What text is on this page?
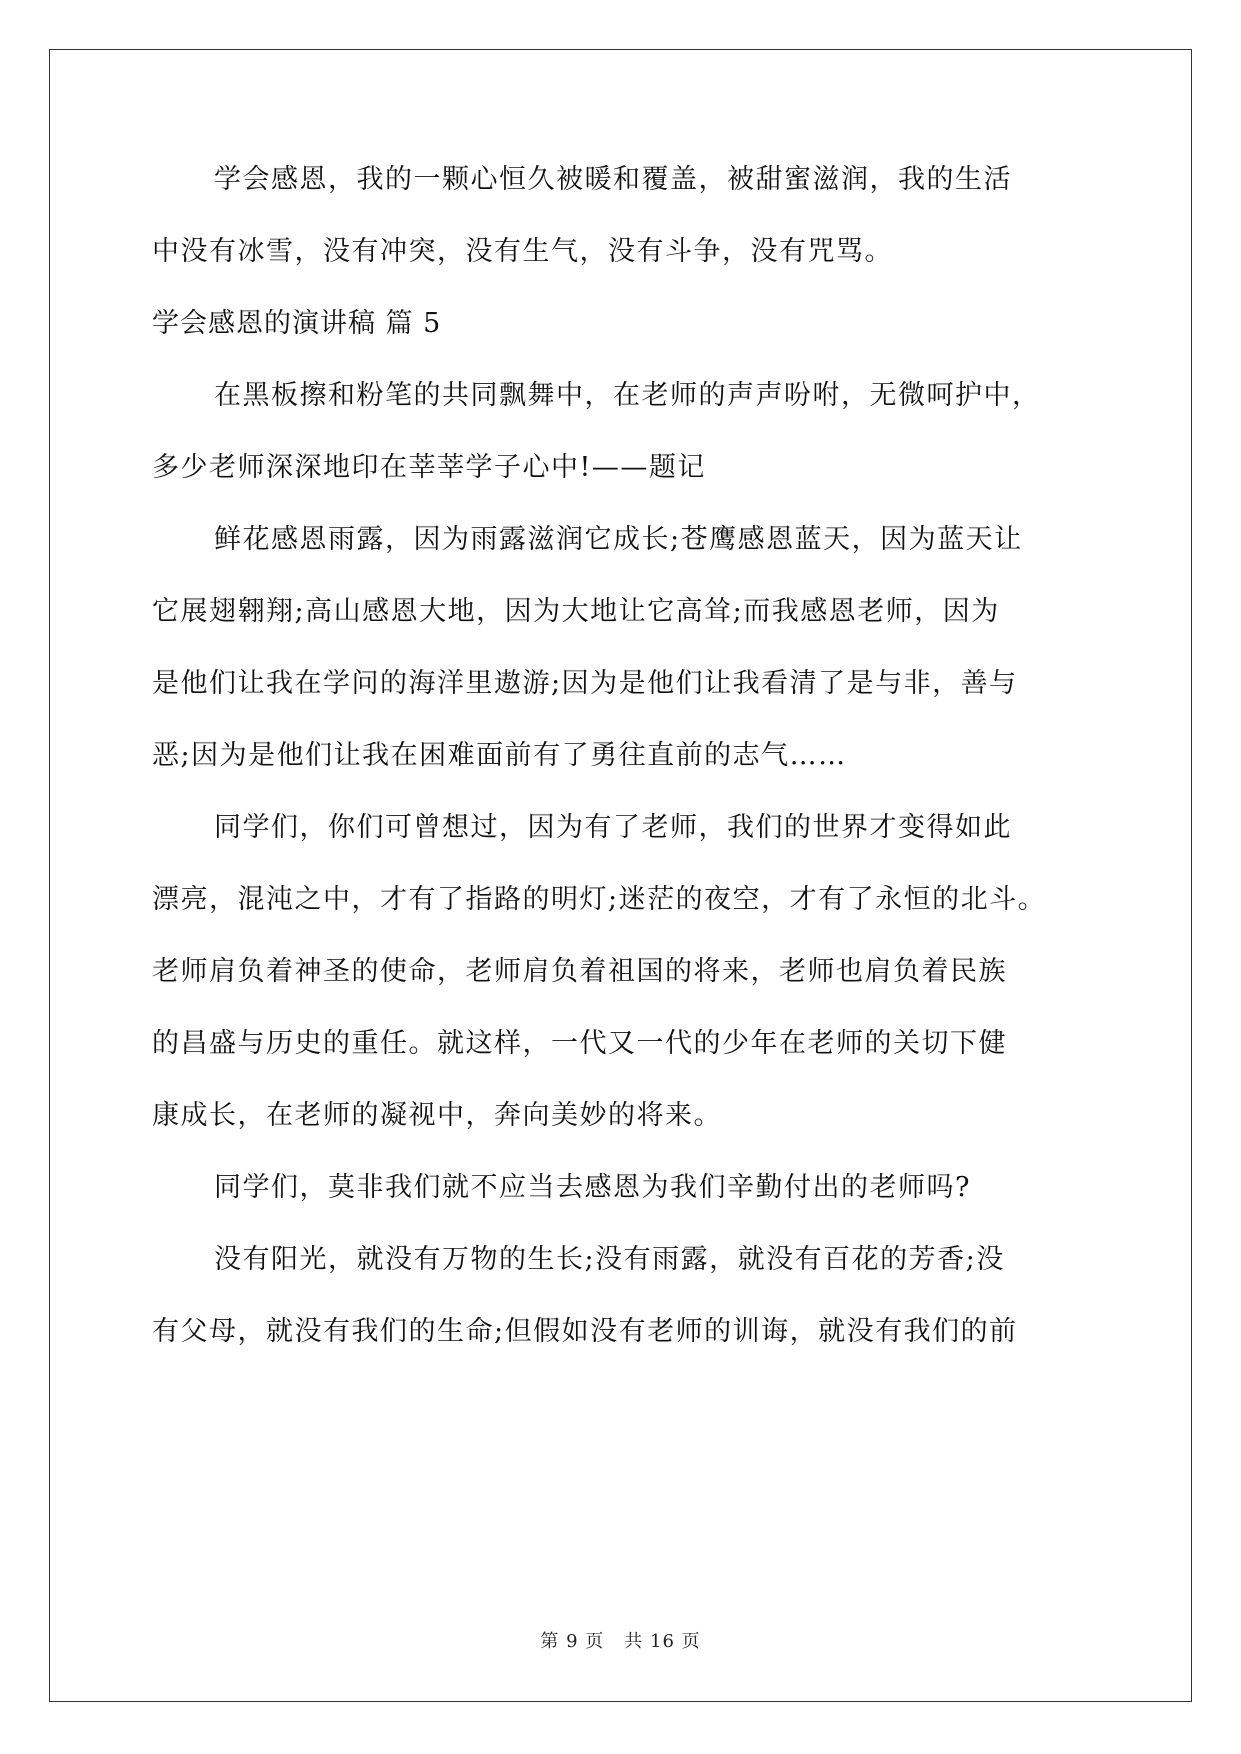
学会感恩，我的一颗心恒久被暖和覆盖，被甜蜜滋润，我的生活
中没有冰雪，没有冲突，没有生气，没有斗争，没有咒骂。
学会感恩的演讲稿 篇 5
在黑板擦和粉笔的共同飘舞中，在老师的声声吩咐，无微呵护中，
多少老师深深地印在莘莘学子心中!——题记
鲜花感恩雨露，因为雨露滋润它成长;苍鹰感恩蓝天，因为蓝天让
它展翅翱翔;高山感恩大地，因为大地让它高耸;而我感恩老师，因为
是他们让我在学问的海洋里遨游;因为是他们让我看清了是与非，善与
恶;因为是他们让我在困难面前有了勇往直前的志气……
同学们，你们可曾想过，因为有了老师，我们的世界才变得如此
漂亮，混沌之中，才有了指路的明灯;迷茫的夜空，才有了永恒的北斗。
老师肩负着神圣的使命，老师肩负着祖国的将来，老师也肩负着民族
的昌盛与历史的重任。就这样，一代又一代的少年在老师的关切下健
康成长，在老师的凝视中，奔向美妙的将来。
同学们，莫非我们就不应当去感恩为我们辛勤付出的老师吗?
没有阳光，就没有万物的生长;没有雨露，就没有百花的芳香;没
有父母，就没有我们的生命;但假如没有老师的训诲，就没有我们的前
第 9 页 共 16 页
